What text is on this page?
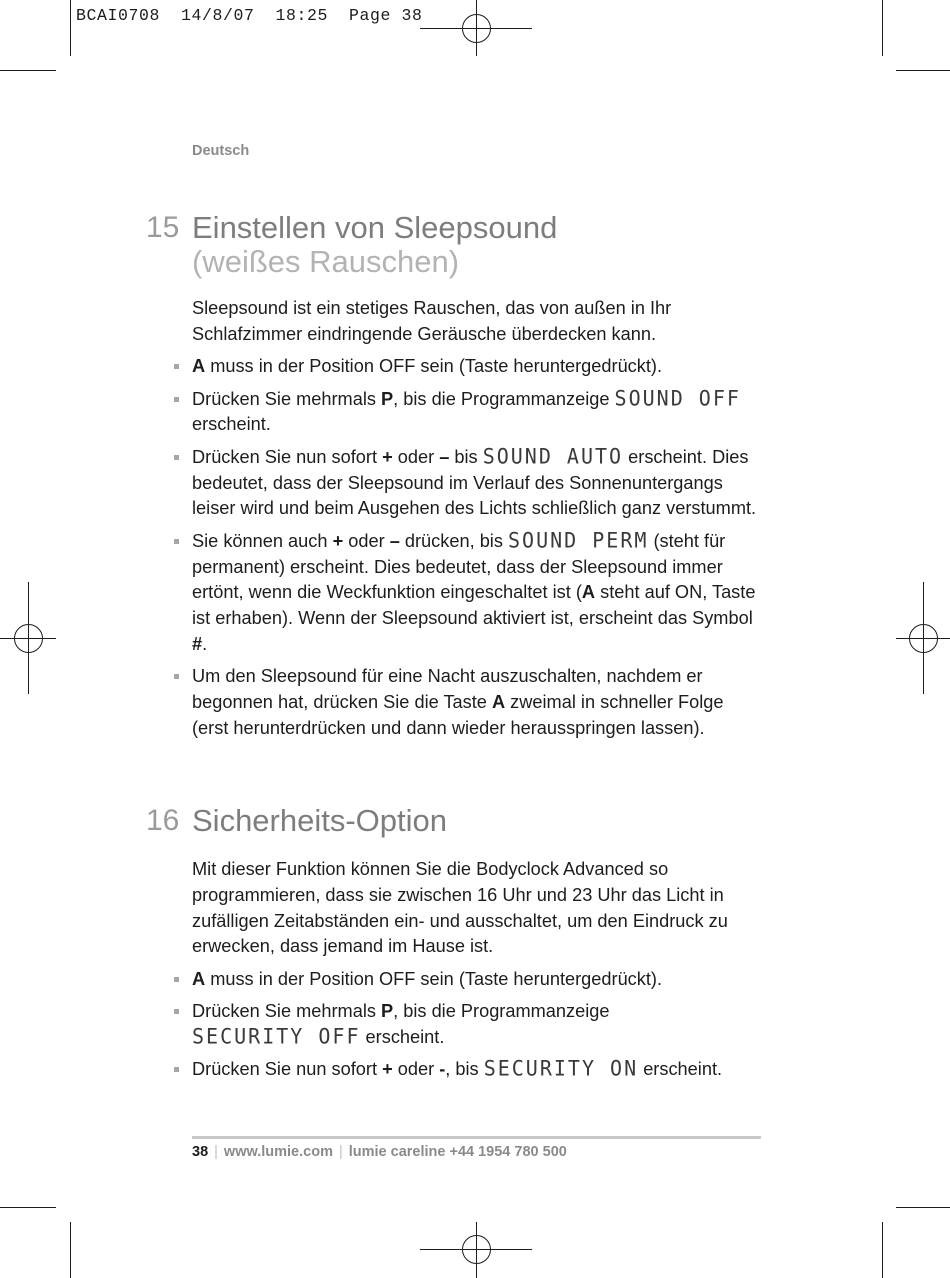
BCAI0708  14/8/07  18:25  Page 38
Deutsch
15 Einstellen von Sleepsound
(weißes Rauschen)

Sleepsound ist ein stetiges Rauschen, das von außen in Ihr Schlafzimmer eindringende Geräusche überdecken kann.

A muss in der Position OFF sein (Taste heruntergedrückt).
Drücken Sie mehrmals P, bis die Programmanzeige SOUND OFF erscheint.
Drücken Sie nun sofort + oder – bis SOUND AUTO erscheint. Dies bedeutet, dass der Sleepsound im Verlauf des Sonnenuntergangs leiser wird und beim Ausgehen des Lichts schließlich ganz verstummt.
Sie können auch + oder – drücken, bis SOUND PERM (steht für permanent) erscheint. Dies bedeutet, dass der Sleepsound immer ertönt, wenn die Weckfunktion eingeschaltet ist (A steht auf ON, Taste ist erhaben). Wenn der Sleepsound aktiviert ist, erscheint das Symbol #.
Um den Sleepsound für eine Nacht auszuschalten, nachdem er begonnen hat, drücken Sie die Taste A zweimal in schneller Folge (erst herunterdrücken und dann wieder herausspringen lassen).
16 Sicherheits-Option

Mit dieser Funktion können Sie die Bodyclock Advanced so programmieren, dass sie zwischen 16 Uhr und 23 Uhr das Licht in zufälligen Zeitabständen ein- und ausschaltet, um den Eindruck zu erwecken, dass jemand im Hause ist.

A muss in der Position OFF sein (Taste heruntergedrückt).
Drücken Sie mehrmals P, bis die Programmanzeige SECURITY OFF erscheint.
Drücken Sie nun sofort + oder -, bis SECURITY ON erscheint.
38 | www.lumie.com | lumie careline +44 1954 780 500
